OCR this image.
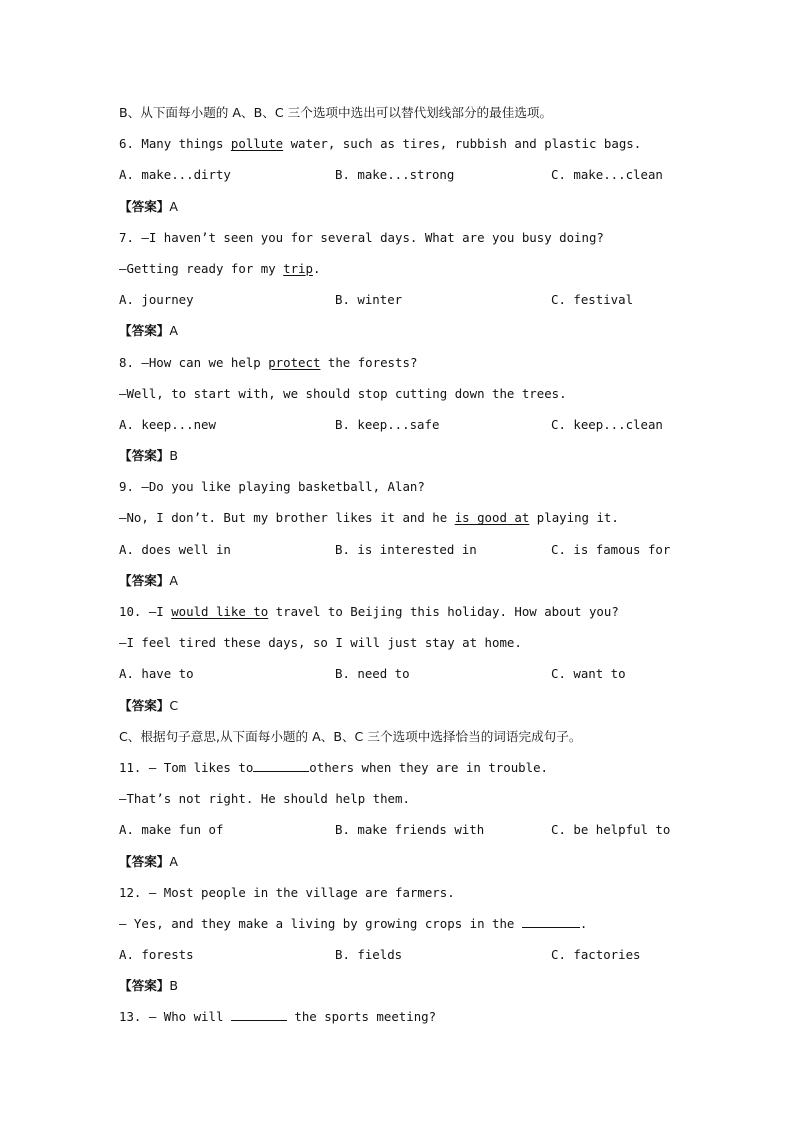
B、从下面每小题的 A、B、C 三个选项中选出可以替代划线部分的最佳选项。
6. Many things pollute water, such as tires, rubbish and plastic bags.
A. make...dirty	B. make...strong	C. make...clean
【答案】A
7. —I haven’t seen you for several days. What are you busy doing?
—Getting ready for my trip.
A. journey	B. winter	C. festival
【答案】A
8. —How can we help protect the forests?
—Well, to start with, we should stop cutting down the trees.
A. keep...new	B. keep...safe	C. keep...clean
【答案】B
9. —Do you like playing basketball, Alan?
—No, I don’t. But my brother likes it and he is good at playing it.
A. does well in	B. is interested in	C. is famous for
【答案】A
10. —I would like to travel to Beijing this holiday. How about you?
—I feel tired these days, so I will just stay at home.
A. have to	B. need to	C. want to
【答案】C
C、根据句子意思,从下面每小题的 A、B、C 三个选项中选择恰当的词语完成句子。
11. — Tom likes to	others when they are in trouble.
—That’s not right. He should help them.
A. make fun of	B. make friends with	C. be helpful to
【答案】A
12. — Most people in the village are farmers.
— Yes, and they make a living by growing crops in the	.
A. forests	B. fields	C. factories
【答案】B
13. — Who will	the sports meeting?
